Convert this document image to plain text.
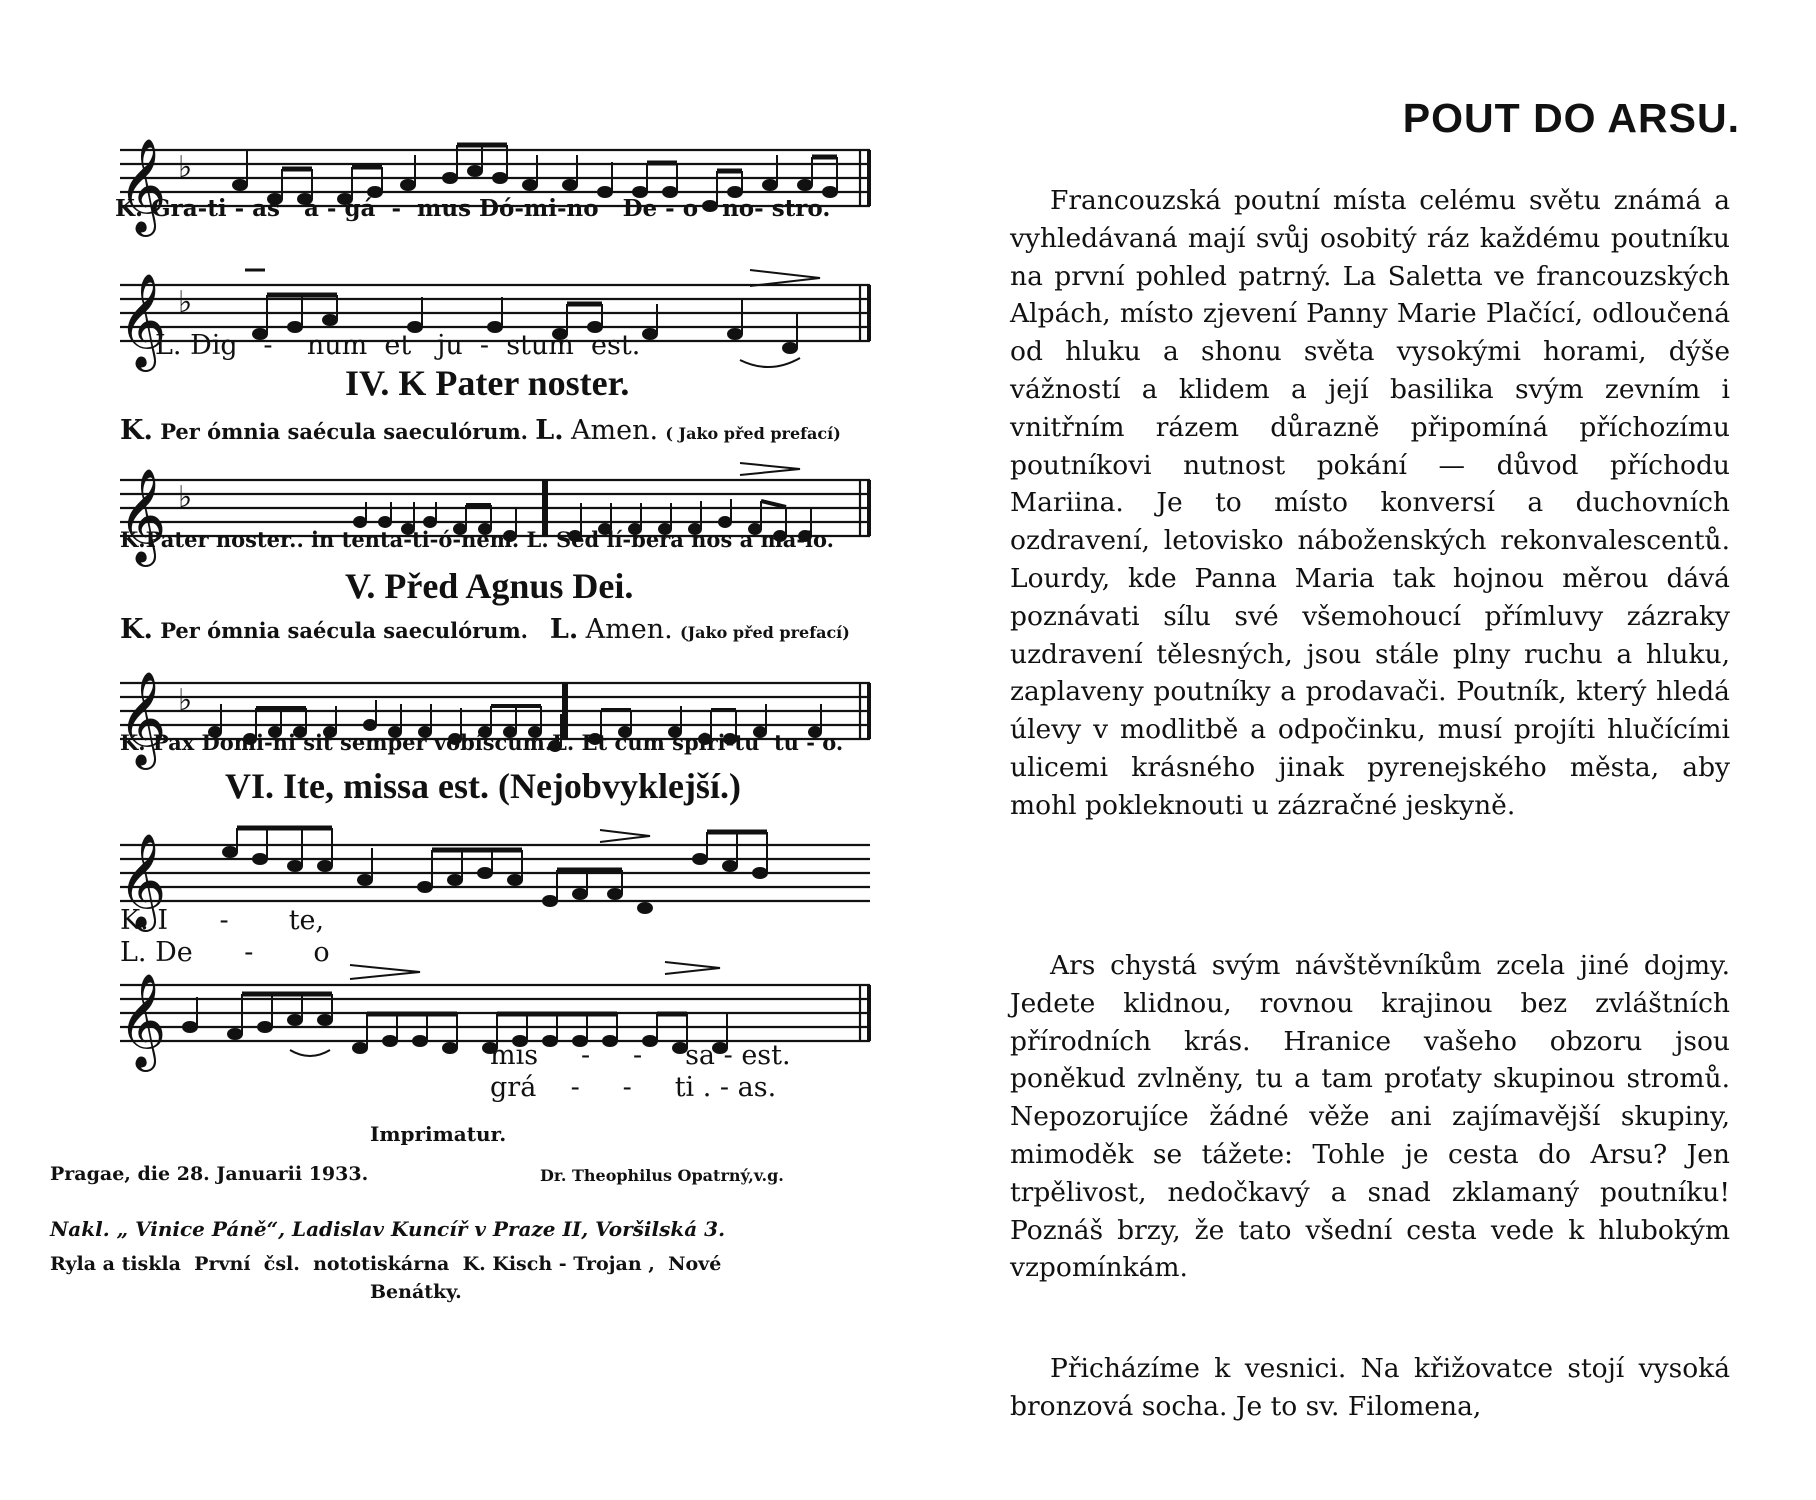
𝄞 ♭
K. Gra-ti - as   a - gá  -  mus Dó-mi-no   De - o   no- stro.
𝄞 ♭
L. Dig   -    num  et   ju  -  stum  est.
IV. K Pater noster.
K. Per ómnia saécula saeculórum. L. Amen. ( Jako před prefací)
𝄞 ♭
K.Pater noster.. in tenta-ti-ó-nem. L. Sed lí-bera nos a ma-lo.
V. Před Agnus Dei.
K. Per ómnia saécula saeculórum. L. Amen. (Jako před prefací)
𝄞 ♭
K. Pax Domi-ni sit semper vobíscum.L. Et cum spíri-tu  tu - o.
VI. Ite, missa est. (Nejobvyklejší.)
𝄞
K. I      -       te,
L. De      -       o
𝄞	mis     -     -     sa - est.
grá    -     -     ti . - as.
Imprimatur.
Pragae, die 28. Januarii 1933.	Dr. Theophilus Opatrný,v.g.
Nakl. „ Vinice Páně“, Ladislav Kuncíř v Praze II, Voršilská 3.
Ryla a tiskla  První  čsl.  nototiskárna  K. Kisch - Trojan ,  Nové
Benátky.
POUT DO ARSU.

Francouzská poutní místa celému světu známá a vyhledávaná mají svůj osobitý ráz každému poutníku na první pohled patrný. La Saletta ve francouzských Alpách, místo zjevení Panny Marie Plačící, odloučená od hluku a shonu světa vysokými horami, dýše vážností a klidem a její basilika svým zevním i vnitřním rázem důrazně připomíná příchozímu poutníkovi nutnost pokání — důvod příchodu Mariina. Je to místo konversí a duchovních ozdravení, letovisko náboženských rekonvalescentů. Lourdy, kde Panna Maria tak hojnou měrou dává poznávati sílu své všemohoucí přímluvy zázraky uzdravení tělesných, jsou stále plny ruchu a hluku, zaplaveny poutníky a prodavači. Poutník, který hledá úlevy v modlitbě a odpočinku, musí projíti hlučícími ulicemi krásného jinak pyrenejského města, aby mohl pokleknouti u zázračné jeskyně.

Ars chystá svým návštěvníkům zcela jiné dojmy. Jedete klidnou, rovnou krajinou bez zvláštních přírodních krás. Hranice vašeho obzoru jsou poněkud zvlněny, tu a tam proťaty skupinou stromů. Nepozorujíce žádné věže ani zajímavější skupiny, mimoděk se tážete: Tohle je cesta do Arsu? Jen trpělivost, nedočkavý a snad zklamaný poutníku! Poznáš brzy, že tato všední cesta vede k hlubokým vzpomínkám.

Přicházíme k vesnici. Na křižovatce stojí vysoká bronzová socha. Je to sv. Filomena,
